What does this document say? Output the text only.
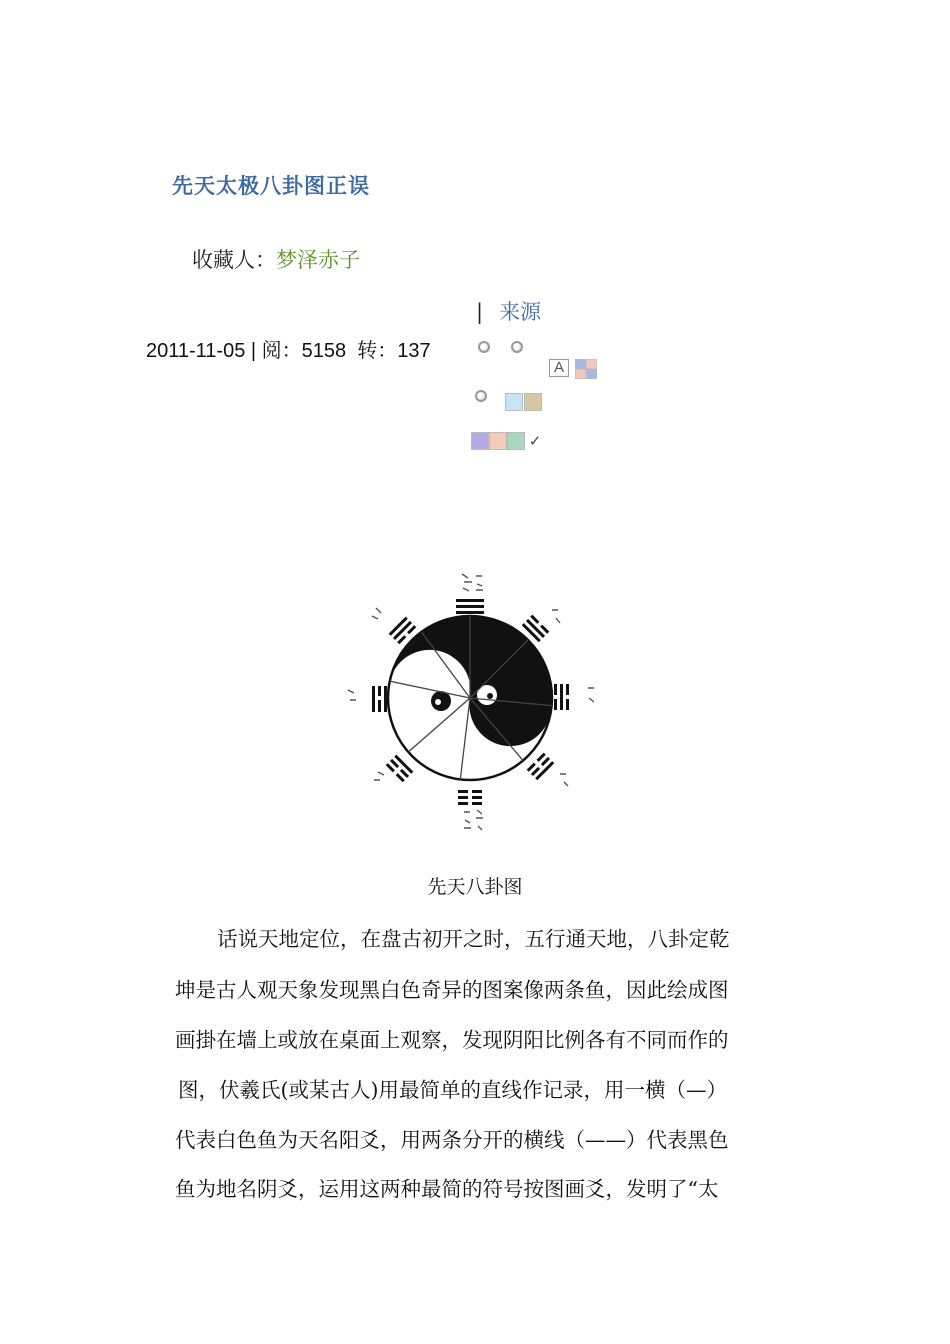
先天太极八卦图正误
收藏人：梦泽赤子
| 来源
2011-11-05 | 阅：5158  转：137
A
✓
先天八卦图
话说天地定位，在盘古初开之时，五行通天地，八卦定乾
坤是古人观天象发现黑白色奇异的图案像两条鱼，因此绘成图
画掛在墙上或放在桌面上观察，发现阴阳比例各有不同而作的
图，伏羲氏(或某古人)用最简单的直线作记录，用一横（—）
代表白色鱼为天名阳爻，用两条分开的横线（——）代表黑色
鱼为地名阴爻，运用这两种最简的符号按图画爻，发明了“太
